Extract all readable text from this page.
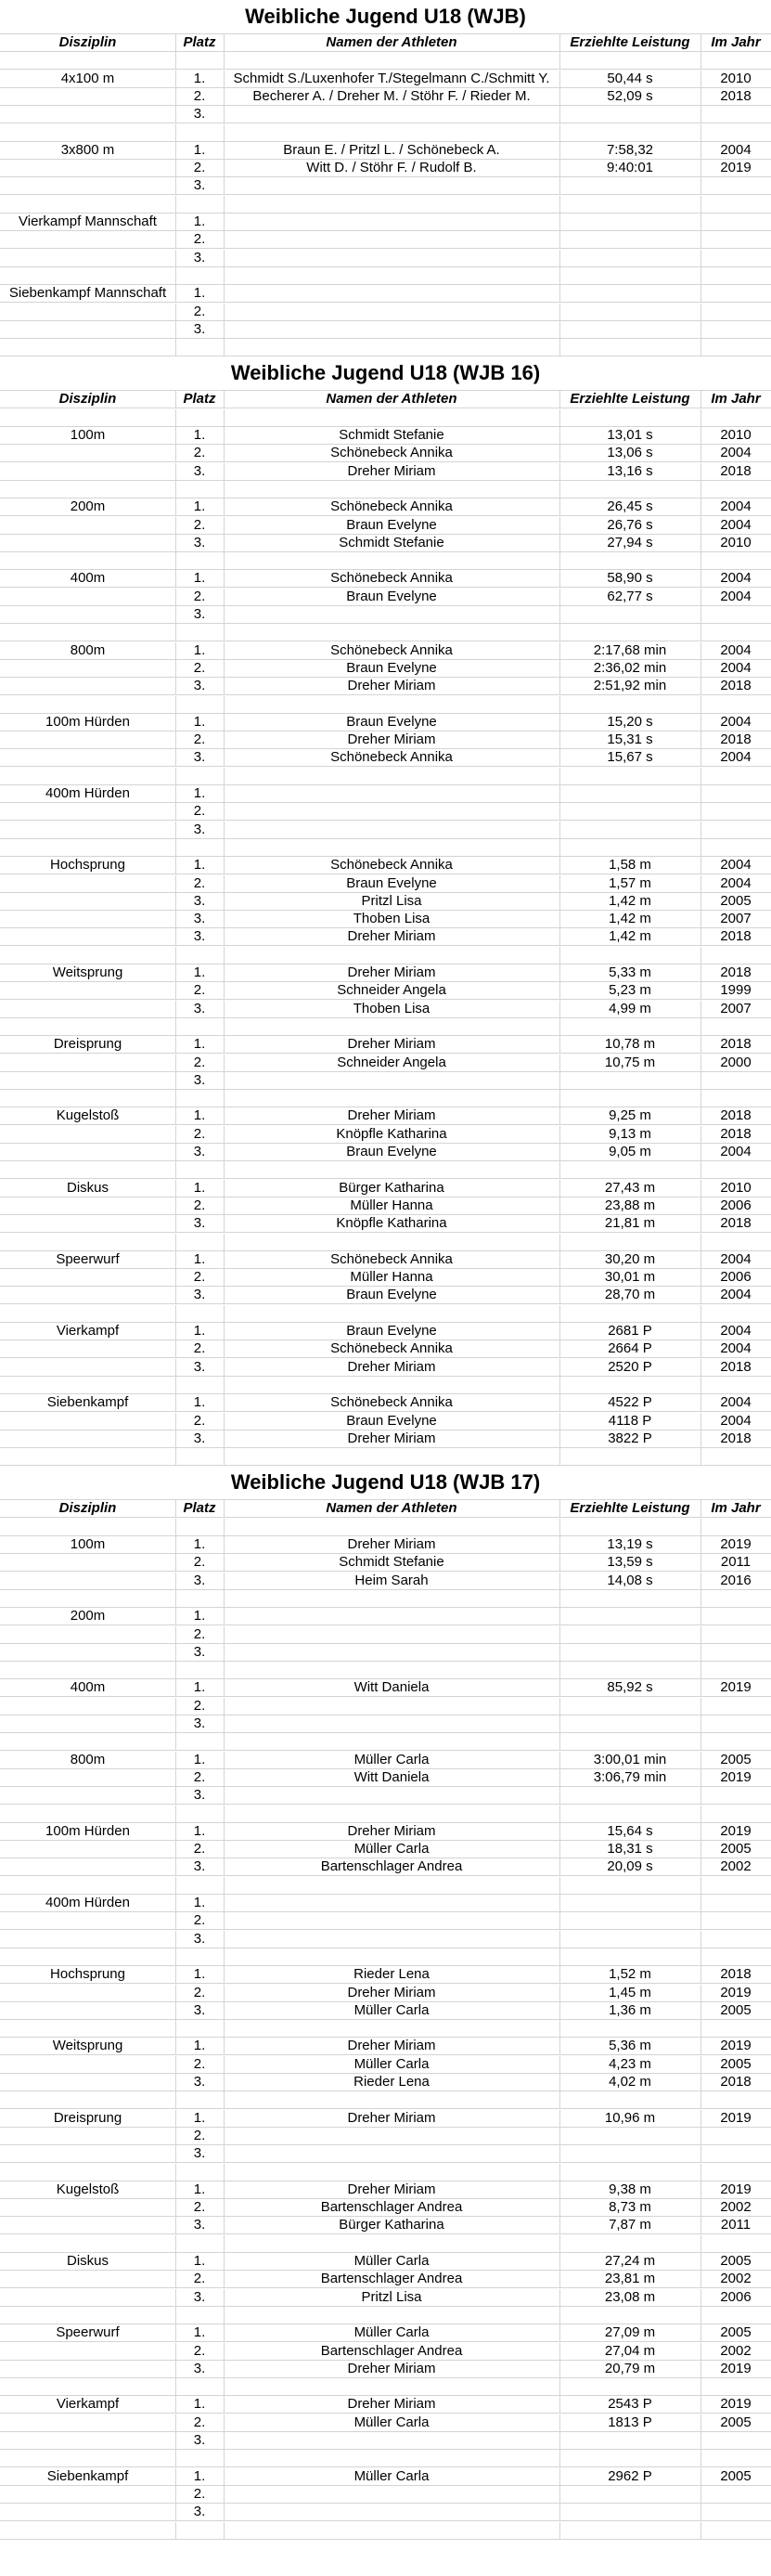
Weibliche Jugend U18 (WJB)
Disziplin	Platz	Namen der Athleten	Erziehlte Leistung	Im Jahr
4x100 m	1.	Schmidt S./Luxenhofer T./Stegelmann C./Schmitt Y.	50,44 s	2010
2.	Becherer A. / Dreher M. / Stöhr F. / Rieder M.	52,09 s	2018
3.
3x800 m	1.	Braun E. / Pritzl L. / Schönebeck A.	7:58,32	2004
2.	Witt D. / Stöhr F. / Rudolf B.	9:40:01	2019
3.
Vierkampf Mannschaft	1.
2.
3.
Siebenkampf Mannschaft	1.
2.
3.
Weibliche Jugend U18 (WJB 16)
Disziplin	Platz	Namen der Athleten	Erziehlte Leistung	Im Jahr
100m	1.	Schmidt Stefanie	13,01 s	2010
2.	Schönebeck Annika	13,06 s	2004
3.	Dreher Miriam	13,16 s	2018
200m	1.	Schönebeck Annika	26,45 s	2004
2.	Braun Evelyne	26,76 s	2004
3.	Schmidt Stefanie	27,94 s	2010
400m	1.	Schönebeck Annika	58,90 s	2004
2.	Braun Evelyne	62,77 s	2004
3.
800m	1.	Schönebeck Annika	2:17,68 min	2004
2.	Braun Evelyne	2:36,02 min	2004
3.	Dreher Miriam	2:51,92 min	2018
100m Hürden	1.	Braun Evelyne	15,20 s	2004
2.	Dreher Miriam	15,31 s	2018
3.	Schönebeck Annika	15,67 s	2004
400m Hürden	1.
2.
3.
Hochsprung	1.	Schönebeck Annika	1,58 m	2004
2.	Braun Evelyne	1,57 m	2004
3.	Pritzl Lisa	1,42 m	2005
3.	Thoben Lisa	1,42 m	2007
3.	Dreher Miriam	1,42 m	2018
Weitsprung	1.	Dreher Miriam	5,33 m	2018
2.	Schneider Angela	5,23 m	1999
3.	Thoben Lisa	4,99 m	2007
Dreisprung	1.	Dreher Miriam	10,78 m	2018
2.	Schneider Angela	10,75 m	2000
3.
Kugelstoß	1.	Dreher Miriam	9,25 m	2018
2.	Knöpfle Katharina	9,13 m	2018
3.	Braun Evelyne	9,05 m	2004
Diskus	1.	Bürger Katharina	27,43 m	2010
2.	Müller Hanna	23,88 m	2006
3.	Knöpfle Katharina	21,81 m	2018
Speerwurf	1.	Schönebeck Annika	30,20 m	2004
2.	Müller Hanna	30,01 m	2006
3.	Braun Evelyne	28,70 m	2004
Vierkampf	1.	Braun Evelyne	2681 P	2004
2.	Schönebeck Annika	2664 P	2004
3.	Dreher Miriam	2520 P	2018
Siebenkampf	1.	Schönebeck Annika	4522 P	2004
2.	Braun Evelyne	4118 P	2004
3.	Dreher Miriam	3822 P	2018
Weibliche Jugend U18 (WJB 17)
Disziplin	Platz	Namen der Athleten	Erziehlte Leistung	Im Jahr
100m	1.	Dreher Miriam	13,19 s	2019
2.	Schmidt Stefanie	13,59 s	2011
3.	Heim Sarah	14,08 s	2016
200m	1.
2.
3.
400m	1.	Witt Daniela	85,92 s	2019
2.
3.
800m	1.	Müller Carla	3:00,01 min	2005
2.	Witt Daniela	3:06,79 min	2019
3.
100m Hürden	1.	Dreher Miriam	15,64 s	2019
2.	Müller Carla	18,31 s	2005
3.	Bartenschlager Andrea	20,09 s	2002
400m Hürden	1.
2.
3.
Hochsprung	1.	Rieder Lena	1,52 m	2018
2.	Dreher Miriam	1,45 m	2019
3.	Müller Carla	1,36 m	2005
Weitsprung	1.	Dreher Miriam	5,36 m	2019
2.	Müller Carla	4,23 m	2005
3.	Rieder Lena	4,02 m	2018
Dreisprung	1.	Dreher Miriam	10,96 m	2019
2.
3.
Kugelstoß	1.	Dreher Miriam	9,38 m	2019
2.	Bartenschlager Andrea	8,73 m	2002
3.	Bürger Katharina	7,87 m	2011
Diskus	1.	Müller Carla	27,24 m	2005
2.	Bartenschlager Andrea	23,81 m	2002
3.	Pritzl Lisa	23,08 m	2006
Speerwurf	1.	Müller Carla	27,09 m	2005
2.	Bartenschlager Andrea	27,04 m	2002
3.	Dreher Miriam	20,79 m	2019
Vierkampf	1.	Dreher Miriam	2543 P	2019
2.	Müller Carla	1813 P	2005
3.
Siebenkampf	1.	Müller Carla	2962 P	2005
2.
3.
